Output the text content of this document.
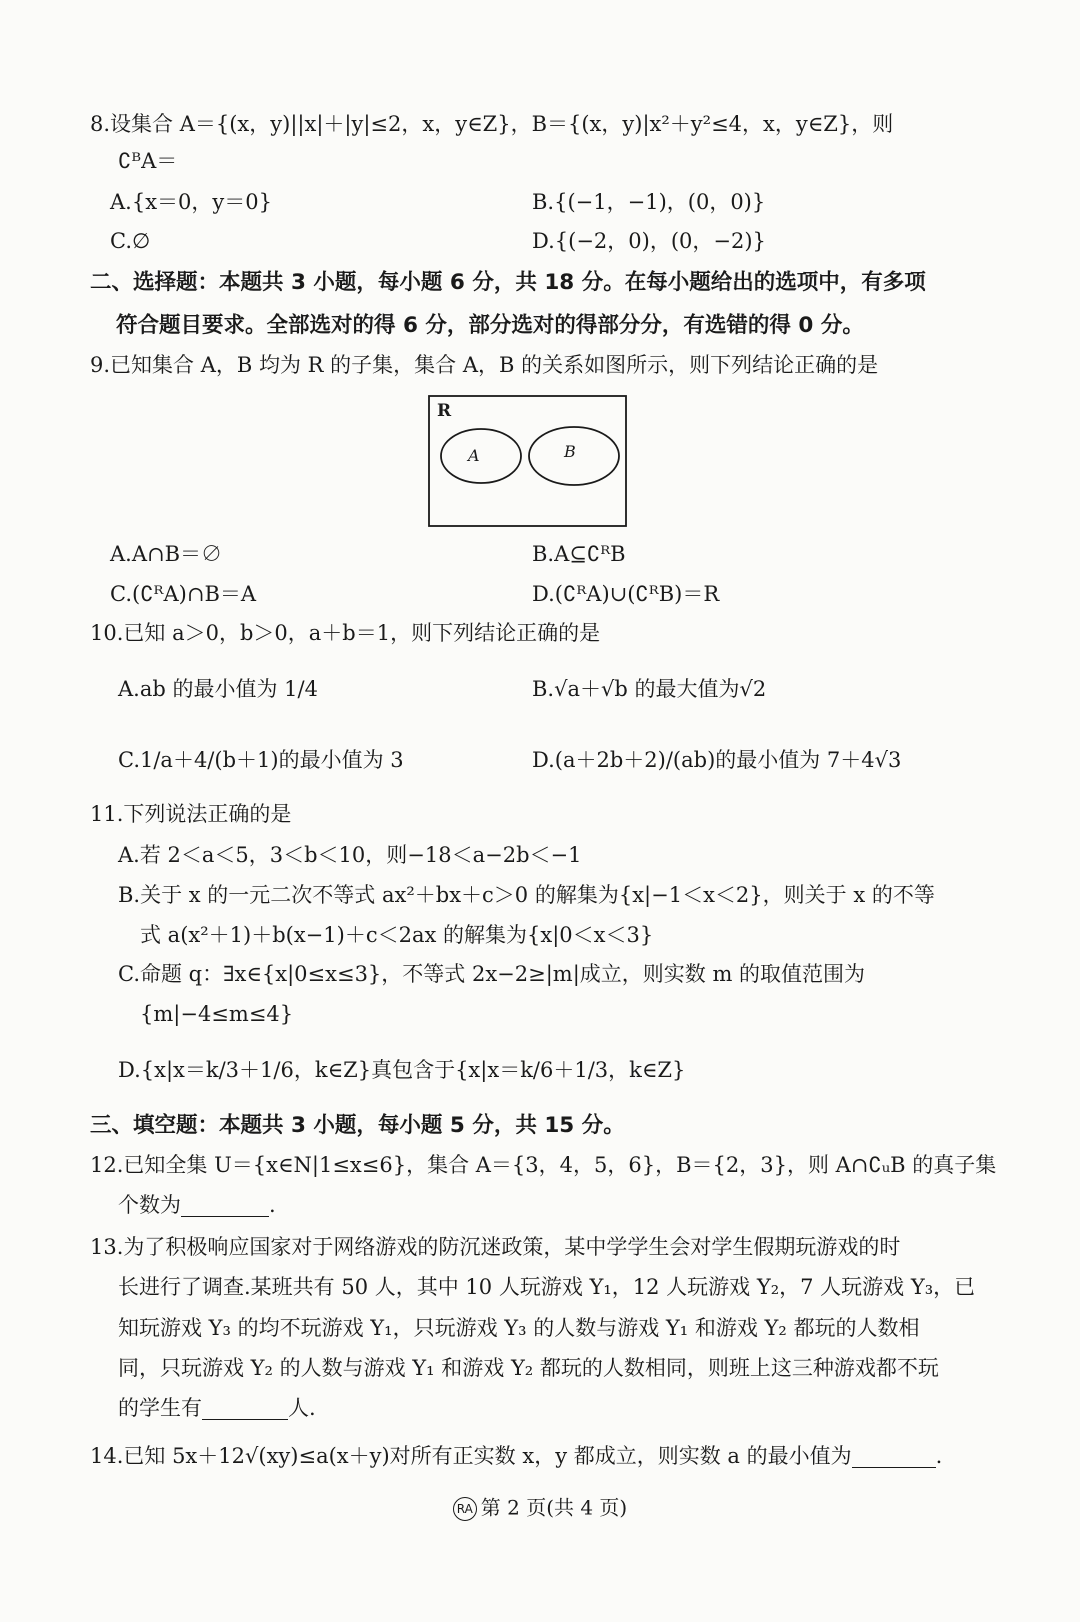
8.设集合 A＝{(x，y)||x|＋|y|≤2，x，y∈Z}，B＝{(x，y)|x²＋y²≤4，x，y∈Z}，则
∁ᴮA＝
A.{x＝0，y＝0}	B.{(−1，−1)，(0，0)}
C.∅	D.{(−2，0)，(0，−2)}
二、选择题：本题共 3 小题，每小题 6 分，共 18 分。在每小题给出的选项中，有多项
符合题目要求。全部选对的得 6 分，部分选对的得部分分，有选错的得 0 分。
9.已知集合 A，B 均为 R 的子集，集合 A，B 的关系如图所示，则下列结论正确的是
R
A	B
A.A∩B＝∅	B.A⊆∁ᴿB
C.(∁ᴿA)∩B＝A	D.(∁ᴿA)∪(∁ᴿB)＝R
10.已知 a＞0，b＞0，a＋b＝1，则下列结论正确的是
A.ab 的最小值为 1/4	B.√a＋√b 的最大值为√2
C.1/a＋4/(b＋1)的最小值为 3	D.(a＋2b＋2)/(ab)的最小值为 7＋4√3
11.下列说法正确的是
A.若 2＜a＜5，3＜b＜10，则−18＜a−2b＜−1
B.关于 x 的一元二次不等式 ax²＋bx＋c＞0 的解集为{x|−1＜x＜2}，则关于 x 的不等
式 a(x²＋1)＋b(x−1)＋c＜2ax 的解集为{x|0＜x＜3}
C.命题 q：∃x∈{x|0≤x≤3}，不等式 2x−2≥|m|成立，则实数 m 的取值范围为
{m|−4≤m≤4}
D.{x|x＝k/3＋1/6，k∈Z}真包含于{x|x＝k/6＋1/3，k∈Z}
三、填空题：本题共 3 小题，每小题 5 分，共 15 分。
12.已知全集 U＝{x∈N|1≤x≤6}，集合 A＝{3，4，5，6}，B＝{2，3}，则 A∩∁ᵤB 的真子集
个数为	.
13.为了积极响应国家对于网络游戏的防沉迷政策，某中学学生会对学生假期玩游戏的时
长进行了调查.某班共有 50 人，其中 10 人玩游戏 Y₁，12 人玩游戏 Y₂，7 人玩游戏 Y₃，已
知玩游戏 Y₃ 的均不玩游戏 Y₁，只玩游戏 Y₃ 的人数与游戏 Y₁ 和游戏 Y₂ 都玩的人数相
同，只玩游戏 Y₂ 的人数与游戏 Y₁ 和游戏 Y₂ 都玩的人数相同，则班上这三种游戏都不玩
的学生有	人.
14.已知 5x＋12√(xy)≤a(x＋y)对所有正实数 x，y 都成立，则实数 a 的最小值为	.
RA 第 2 页(共 4 页)
